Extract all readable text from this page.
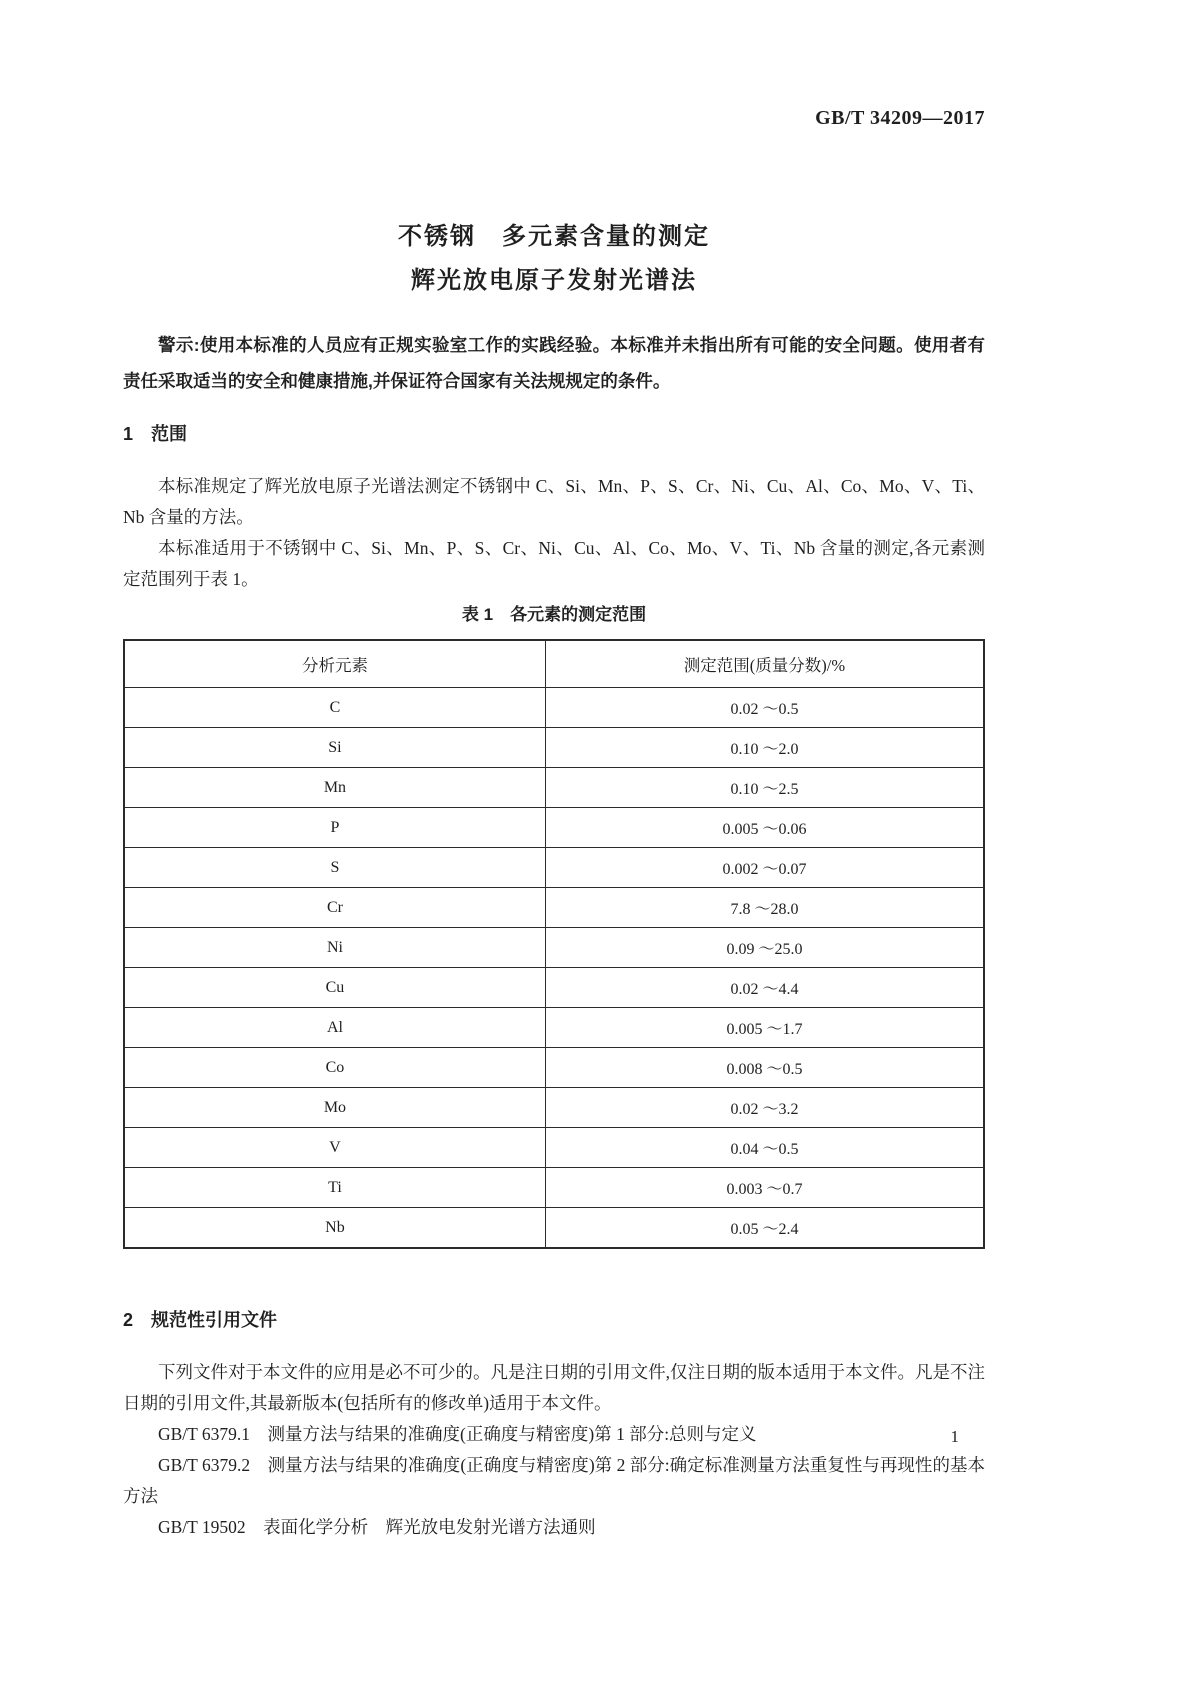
GB/T 34209—2017
不锈钢　多元素含量的测定
辉光放电原子发射光谱法

警示:使用本标准的人员应有正规实验室工作的实践经验。本标准并未指出所有可能的安全问题。使用者有责任采取适当的安全和健康措施,并保证符合国家有关法规规定的条件。

1　范围

本标准规定了辉光放电原子光谱法测定不锈钢中 C、Si、Mn、P、S、Cr、Ni、Cu、Al、Co、Mo、V、Ti、Nb 含量的方法。

本标准适用于不锈钢中 C、Si、Mn、P、S、Cr、Ni、Cu、Al、Co、Mo、V、Ti、Nb 含量的测定,各元素测定范围列于表 1。

表 1　各元素的测定范围
分析元素	测定范围(质量分数)/%
C	0.02 ～0.5
Si	0.10 ～2.0
Mn	0.10 ～2.5
P	0.005 ～0.06
S	0.002 ～0.07
Cr	7.8 ～28.0
Ni	0.09 ～25.0
Cu	0.02 ～4.4
Al	0.005 ～1.7
Co	0.008 ～0.5
Mo	0.02 ～3.2
V	0.04 ～0.5
Ti	0.003 ～0.7
Nb	0.05 ～2.4
2　规范性引用文件

下列文件对于本文件的应用是必不可少的。凡是注日期的引用文件,仅注日期的版本适用于本文件。凡是不注日期的引用文件,其最新版本(包括所有的修改单)适用于本文件。

GB/T 6379.1　测量方法与结果的准确度(正确度与精密度)第 1 部分:总则与定义

GB/T 6379.2　测量方法与结果的准确度(正确度与精密度)第 2 部分:确定标准测量方法重复性与再现性的基本方法

GB/T 19502　表面化学分析　辉光放电发射光谱方法通则

1
